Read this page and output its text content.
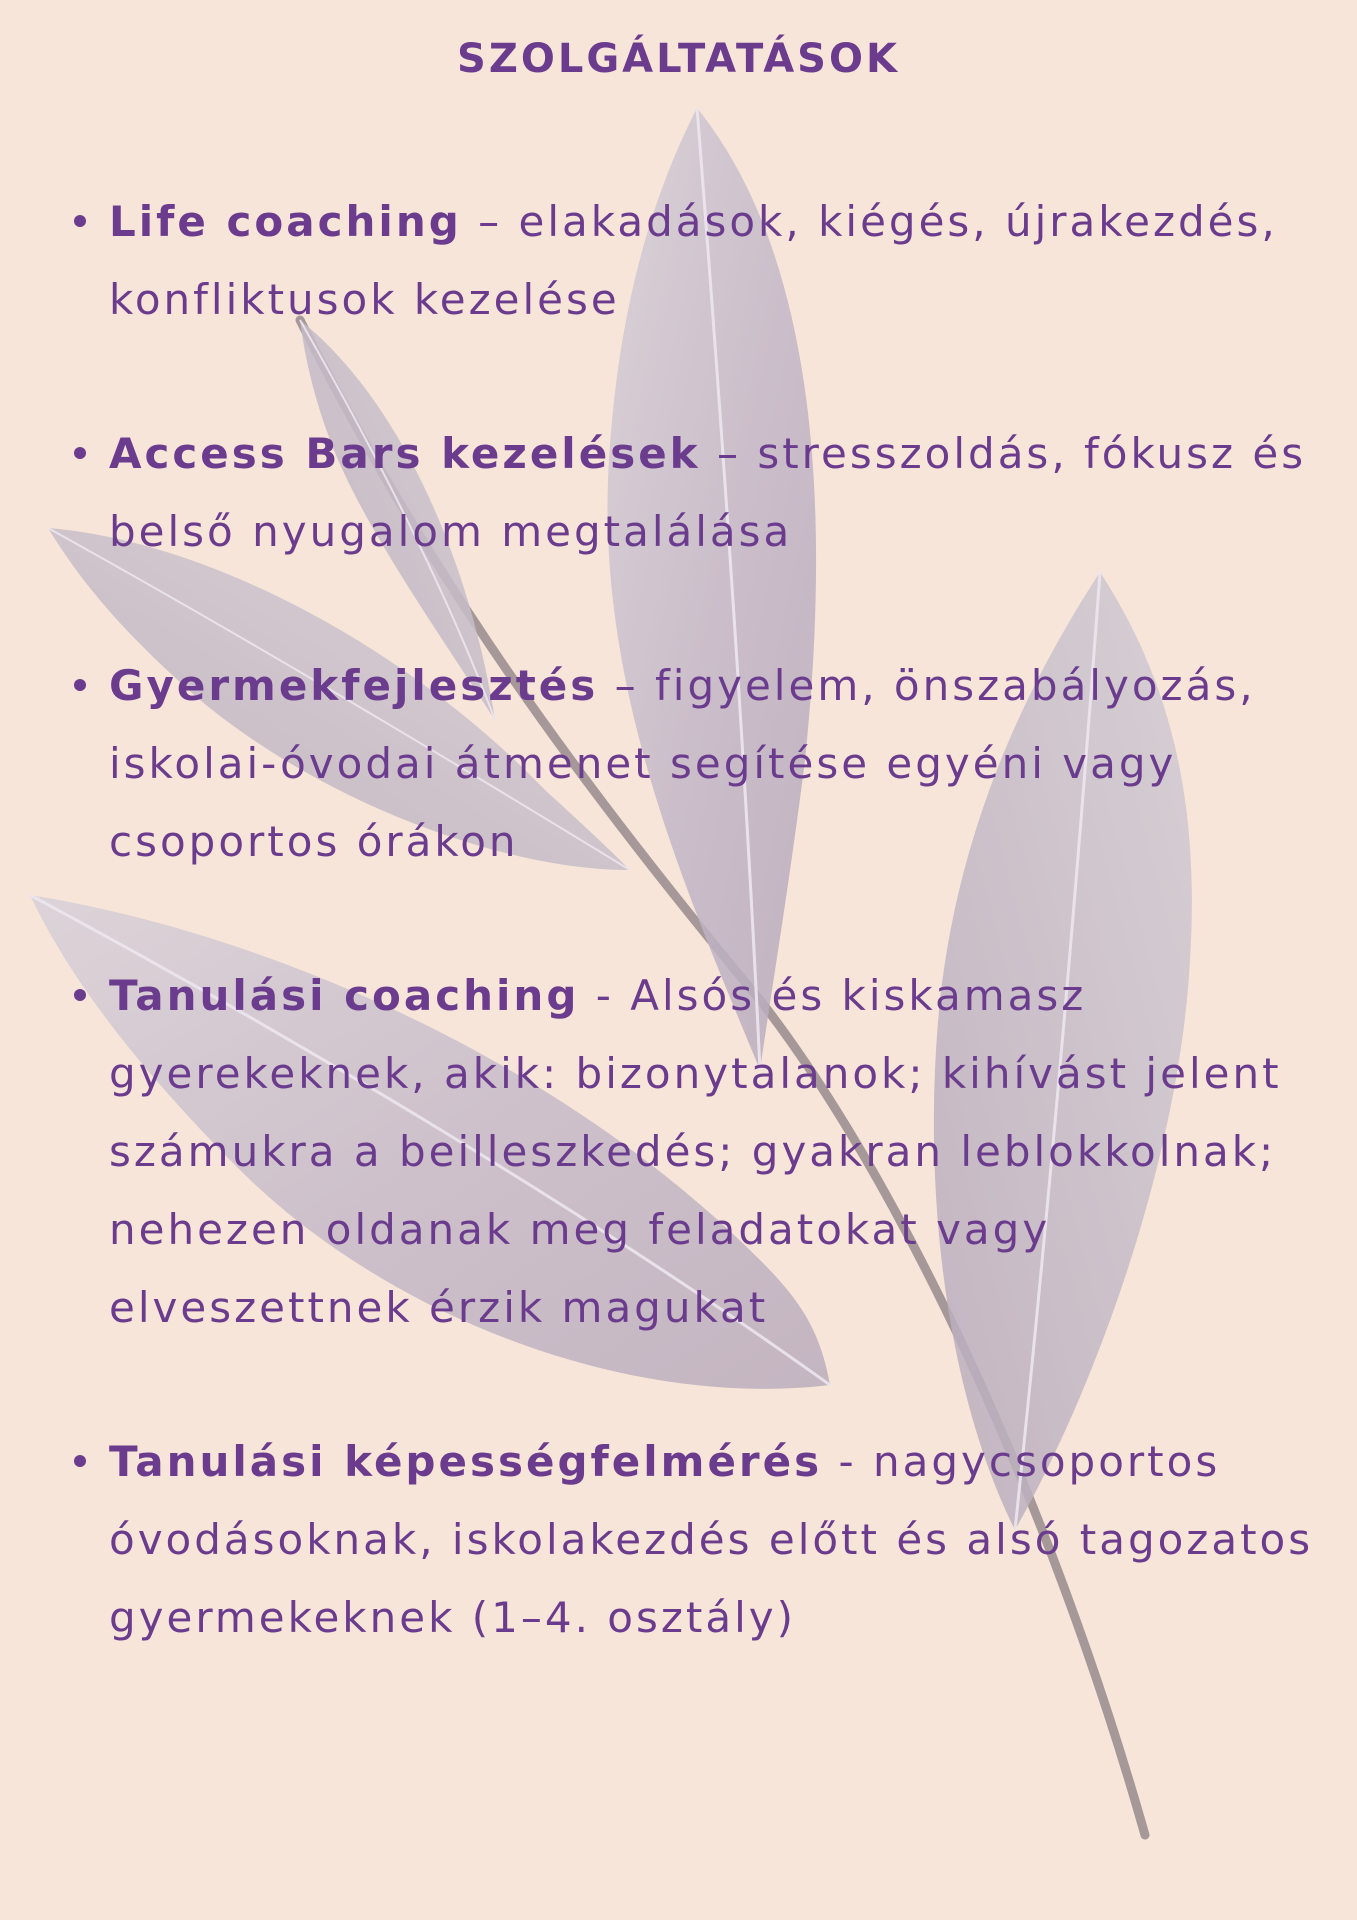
SZOLGÁLTATÁSOK
Life coaching – elakadások, kiégés, újrakezdés, konfliktusok kezelése
Access Bars kezelések – stresszoldás, fókusz és belső nyugalom megtalálása
Gyermekfejlesztés – figyelem, önszabályozás, iskolai-óvodai átmenet segítése egyéni vagy csoportos órákon
Tanulási coaching - Alsós és kiskamasz gyerekeknek, akik: bizonytalanok; kihívást jelent számukra a beilleszkedés; gyakran leblokkolnak; nehezen oldanak meg feladatokat vagy elveszettnek érzik magukat
Tanulási képességfelmérés - nagycsoportos óvodásoknak, iskolakezdés előtt és alsó tagozatos gyermekeknek (1–4. osztály)
